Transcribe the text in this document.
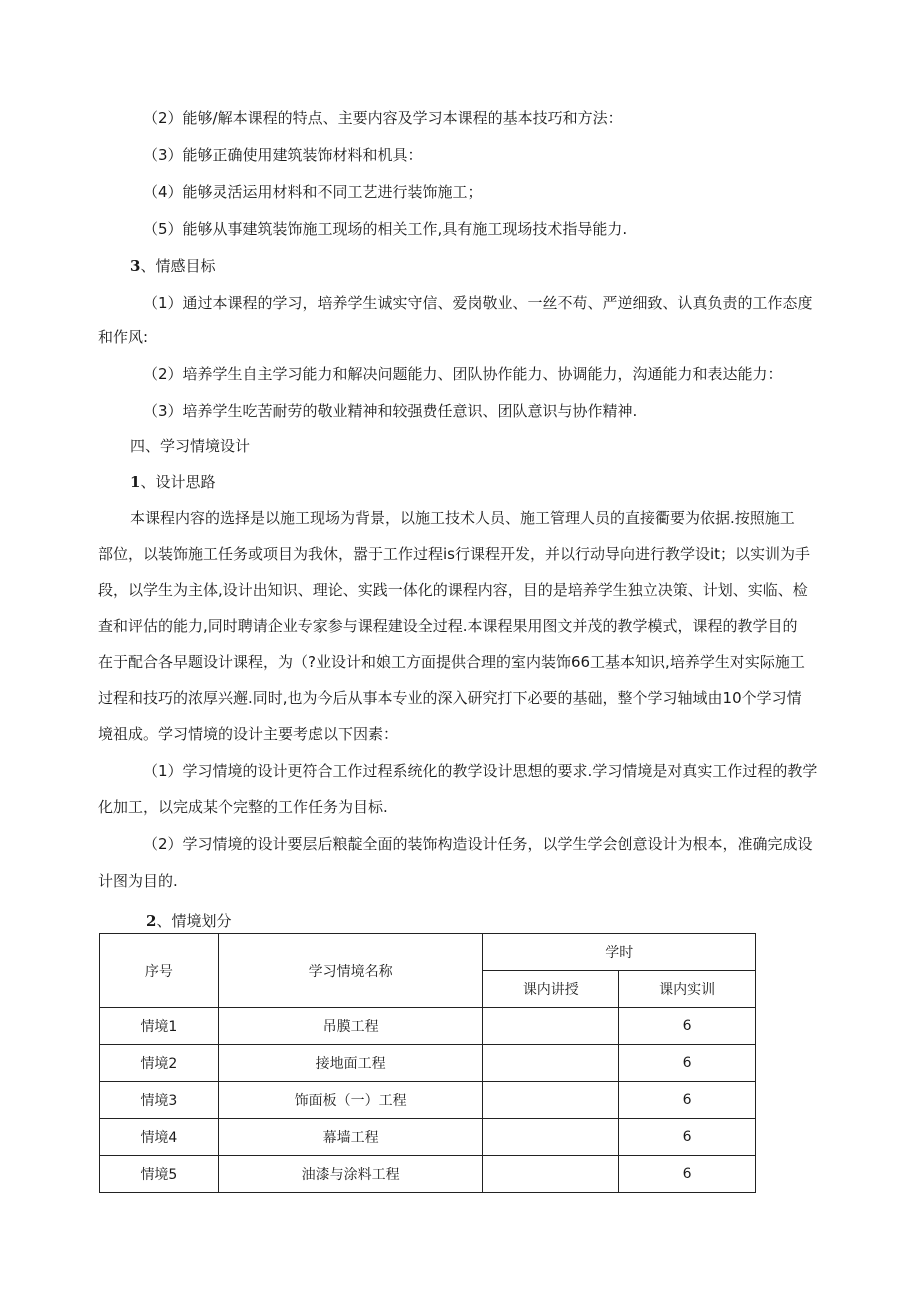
（2）能够/解本课程的特点、主要内容及学习本课程的基本技巧和方法：
（3）能够正确使用建筑装饰材料和机具：
（4）能够灵活运用材料和不同工艺进行装饰施工；
（5）能够从事建筑装饰施工现场的相关工作,具有施工现场技术指导能力.
3、情感目标
（1）通过本课程的学习，培养学生诚实守信、爱岗敬业、一丝不苟、严逆细致、认真负责的工作态度
和作风:
（2）培养学生自主学习能力和解决问题能力、团队协作能力、协调能力，沟通能力和表达能力：
（3）培养学生吃苦耐劳的敬业精神和较强费任意识、团队意识与协作精神.
四、学习情境设计
1、设计思路
本课程内容的选择是以施工现场为背景，以施工技术人员、施工管理人员的直接衢要为依据.按照施工
部位，以装饰施工任务或项目为我休，嚣于工作过程is行课程开发，并以行动导向进行教学设it；以实训为手
段，以学生为主体,设计出知识、理论、实践一体化的课程内容，目的是培养学生独立决策、计划、实临、检
查和评估的能力,同时聘请企业专家参与课程建设全过程.本课程果用图文并茂的教学模式，课程的教学目的
在于配合各早题设计课程，为（?业设计和娘工方面提供合理的室内装饰66工基本知识,培养学生对实际施工
过程和技巧的浓厚兴邂.同时,也为今后从事本专业的深入研究打下必要的基础，整个学习轴域由10个学习情
境祖成。学习情境的设计主要考虑以下因素：
（1）学习情境的设计更符合工作过程系统化的教学设计思想的要求.学习情境是对真实工作过程的教学
化加工，以完成某个完整的工作任务为目标.
（2）学习情境的设计要层后粮靛全面的装饰构造设计任务，以学生学会创意设计为根本，准确完成设
计图为目的.
2、情境划分
序号	学习情境名称	学时	
		课内讲授	课内实训
情境1	吊膜工程		6
情境2	接地面工程		6
情境3	饰面板（一）工程		6
情境4	幕墙工程		6
情境5	油漆与涂料工程		6
